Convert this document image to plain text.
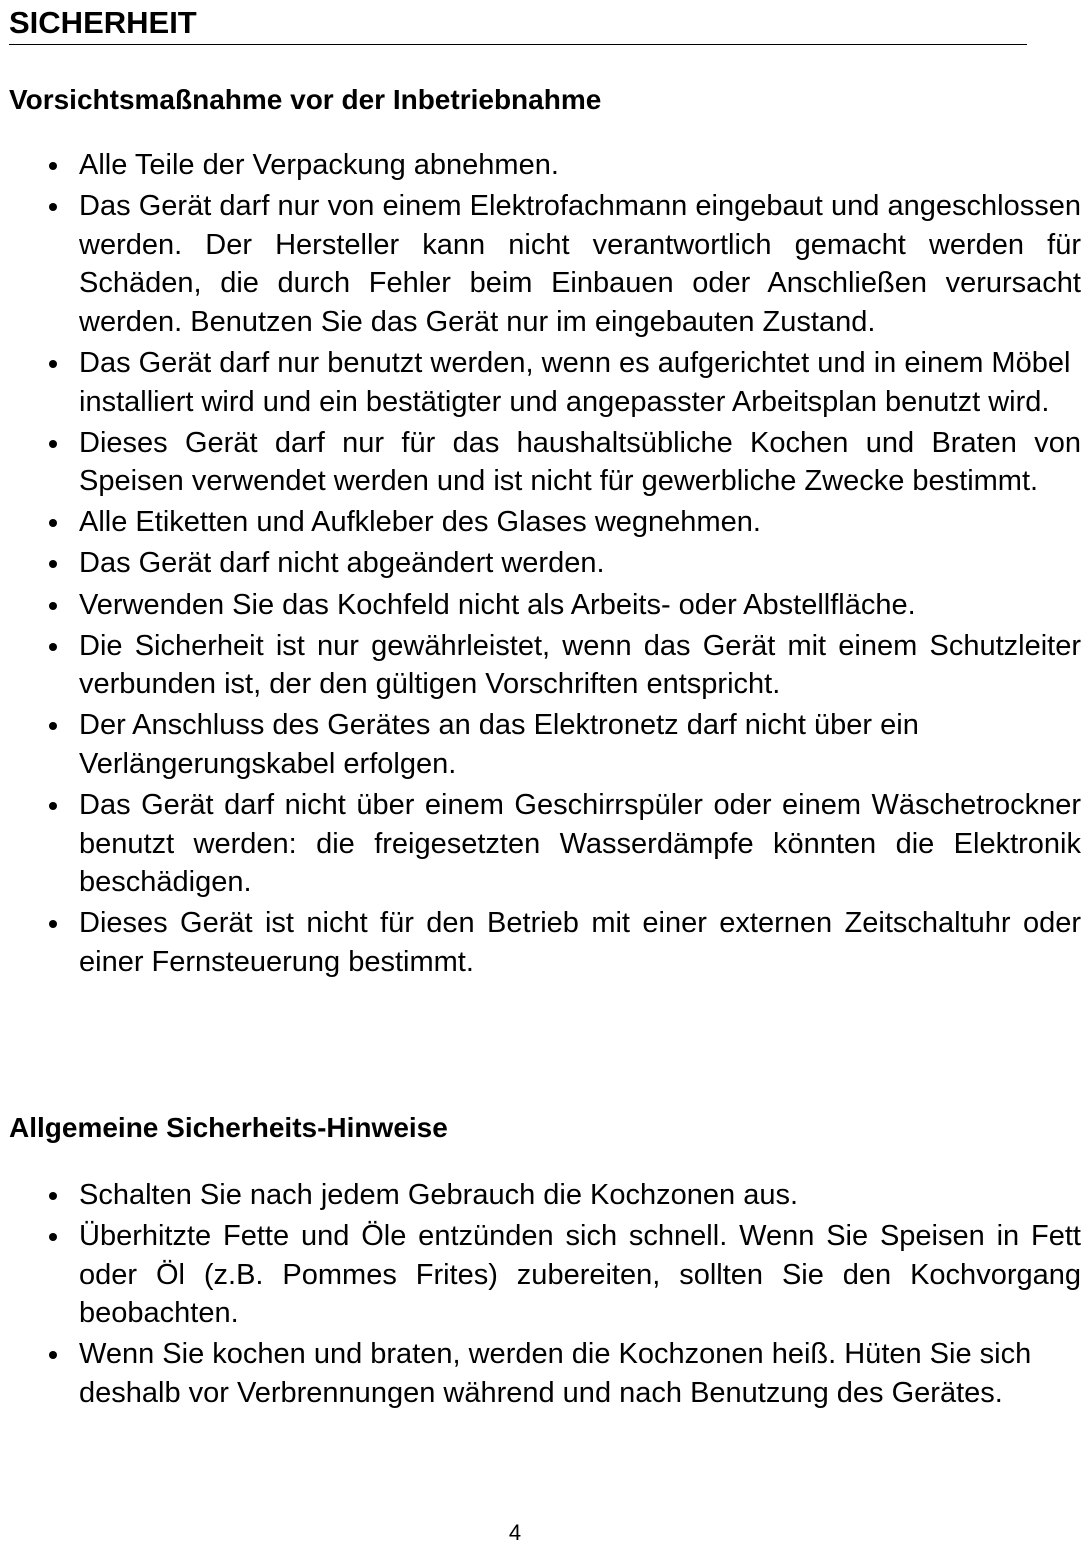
SICHERHEIT
Vorsichtsmaßnahme vor der Inbetriebnahme
Alle Teile der Verpackung abnehmen.
Das Gerät darf nur von einem Elektrofachmann eingebaut und angeschlossen werden. Der Hersteller kann nicht verantwortlich gemacht werden für Schäden, die durch Fehler beim Einbauen oder Anschließen verursacht werden. Benutzen Sie das Gerät nur im eingebauten Zustand.
Das Gerät darf nur benutzt werden, wenn es aufgerichtet und in einem Möbel installiert wird und ein bestätigter und angepasster Arbeitsplan benutzt wird.
Dieses Gerät darf nur für das haushaltsübliche Kochen und Braten von Speisen verwendet werden und ist nicht für gewerbliche Zwecke bestimmt.
Alle Etiketten und Aufkleber des Glases wegnehmen.
Das Gerät darf nicht abgeändert werden.
Verwenden Sie das Kochfeld nicht als Arbeits- oder Abstellfläche.
Die Sicherheit ist nur gewährleistet, wenn das Gerät mit einem Schutzleiter verbunden ist, der den gültigen Vorschriften entspricht.
Der Anschluss des Gerätes an das Elektronetz darf nicht über ein Verlängerungskabel erfolgen.
Das Gerät darf nicht über einem Geschirrspüler oder einem Wäschetrockner benutzt werden: die freigesetzten Wasserdämpfe könnten die Elektronik beschädigen.
Dieses Gerät ist nicht für den Betrieb mit einer externen Zeitschaltuhr oder einer Fernsteuerung bestimmt.
Allgemeine Sicherheits-Hinweise
Schalten Sie nach jedem Gebrauch die Kochzonen aus.
Überhitzte Fette und Öle entzünden sich schnell. Wenn Sie Speisen in Fett oder Öl (z.B. Pommes Frites) zubereiten, sollten Sie den Kochvorgang beobachten.
Wenn Sie kochen und braten, werden die Kochzonen heiß. Hüten Sie sich deshalb vor Verbrennungen während und nach Benutzung des Gerätes.
4
